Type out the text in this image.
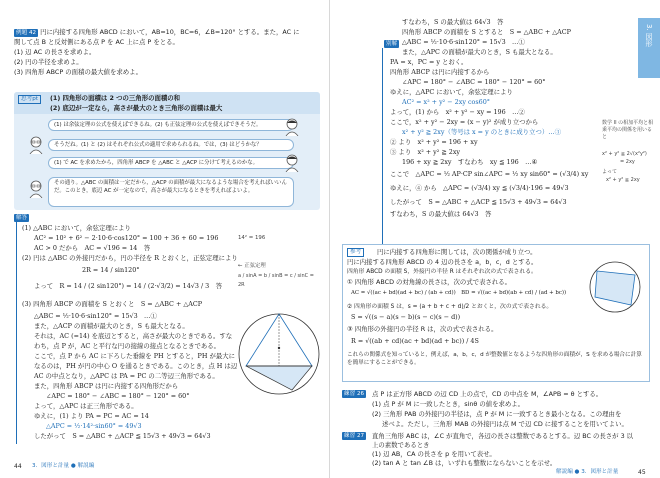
例題 42 円に内接する四角形 ABCD において，AB=10，BC=6，∠B=120° とする。また，AC に
関して点 B と反対側にある点 P を AC 上に点 P をとる。
(1) 辺 AC の長さを求めよ。
(2) 円の半径を求めよ。
(3) 四角形 ABCP の面積の最大値を求めよ。
思考pt	(1) 四角形の面積は 2 つの三角形の面積の和
(2) 底辺が一定なら，高さが最大のとき三角形の面積は最大
(1) は余弦定理の公式を使えばできるね。(2) も正弦定理の公式を使えばできそうだ。
そうだね。(1) と (2) はそれぞれ公式の適用で求められるね。では，(3) はどうかな？
(1) で AC を求めたから，四角形 ABCP を △ABC と △ACP に分けて考えるのかな。
その通り。△ABC の面積は一定だから，△ACP の面積が最大になるような場合を考えればいいんだ。このとき，底辺 AC が一定なので，高さが最大になるときを考えればよいよ。
解答
(1) △ABC において，余弦定理により
AC² = 10² + 6² − 2·10·6·cos120° = 100 + 36 + 60 = 196
AC > 0 だから　AC = √196 = 14　答
(2) 円は △ABC の外接円だから，円の半径を R とおくと，正弦定理により
2R = 14 / sin120°
よって　R = 14 / (2 sin120°) = 14 / (2·√3/2) = 14√3 / 3　答
(3) 四角形 ABCP の面積を S とおくと　S = △ABC + △ACP
△ABC = ½·10·6·sin120° = 15√3　…①
また，△ACP の面積が最大のとき，S も最大となる。
それは，AC (=14) を底辺とすると，高さが最大のときである。すな
わち，点 P が，AC と平行な円の接線の接点となるときである。
ここで，点 P から AC に下ろした垂線を PH とすると，PH が最大に
なるのは，PH が円の中心 O を通るときである。このとき，点 H は辺
AC の中点となり，△APC は PA = PC の二等辺三角形である。
また，四角形 ABCP は円に内接する四角形だから
∠APC = 180° − ∠ABC = 180° − 120° = 60°
よって，△APC は正三角形である。
ゆえに，(1) より PA = PC = AC = 14
△APC = ½·14²·sin60° = 49√3
したがって　S = △ABC + △ACP ≦ 15√3 + 49√3 = 64√3
14² = 196
← 正弦定理
a / sinA = b / sinB = c / sinC = 2R
44 3．図形と計量 ● 解説編
3. 図形
別解
すなわち，S の最大値は 64√3　答
四角形 ABCP の面積を S とすると　S = △ABC + △ACP
△ABC = ½·10·6·sin120° = 15√3　…①
また，△APC の面積が最大のとき，S も最大となる。
PA = x，PC = y とおく。
四角形 ABCP は円に内接するから
∠APC = 180° − ∠ABC = 180° − 120° = 60°
ゆえに，△APC において，余弦定理により
AC² = x² + y² − 2xy cos60°
よって，(1) から　x² + y² − xy = 196　…②
ここで，x² + y² − 2xy = (x − y)² が成り立つから
x² + y² ≧ 2xy（等号は x = y のときに成り立つ）…③
② より　x² + y² = 196 + xy
③ より　x² + y² ≧ 2xy
196 + xy ≧ 2xy　すなわち　xy ≦ 196　…④
ここで　△APC = ½ AP·CP sin∠APC = ½ xy sin60° = (√3/4) xy
ゆえに，④ から　△APC = (√3/4) xy ≦ (√3/4)·196 = 49√3
したがって　S = △ABC + △ACP ≦ 15√3 + 49√3 = 64√3
すなわち，S の最大値は 64√3　答
数学 II の相加平均と相乗平均の関係を用いると
x² + y² ≧ 2√(x²y²)
= 2xy
よって
x² + y² ≧ 2xy
参考	円に内接する四角形に関しては，次の関係が成り立つ。
円に内接する四角形 ABCD の 4 辺の長さを a，b，c，d とする。
四角形 ABCD の面積 S，外接円の半径 R はそれぞれ次の式で表される。
① 四角形 ABCD の対角線の長さは，次の式で表される。
AC = √((ac + bd)(ad + bc) / (ab + cd))　BD = √((ac + bd)(ab + cd) / (ad + bc))
② 四角形の面積 S は，s = (a + b + c + d)/2 とおくと，次の式で表される。
S = √((s − a)(s − b)(s − c)(s − d))
③ 四角形の外接円の半径 R は，次の式で表される。
R = √((ab + cd)(ac + bd)(ad + bc)) / 4S
これらの関係式を知っていると，例えば，a，b，c，d が整数値となるような四角形の面積が，S を求める場合に計算を簡単にすることができる。
練習 26	点 P は正方形 ABCD の辺 CD 上の点で，CD の中点を M，∠APB = θ とする。
(1) 点 P が M に一致したとき，sinθ の値を求めよ。
(2) 三角形 PAB の外接円の半径は，点 P が M に一致するとき最小となる。この理由を
述べよ。ただし，三角形 MAB の外接円は点 M で辺 CD に接することを用いてよい。
練習 27	直角三角形 ABC は，∠C が直角で，各辺の長さは整数であるとする。辺 BC の長さが 3 以
上の素数であるとき
(1) 辺 AB，CA の長さを p を用いて表せ。
(2) tan A と tan ∠B は，いずれも整数にならないことを示せ。
解説編 ● 3．図形と計量	45
